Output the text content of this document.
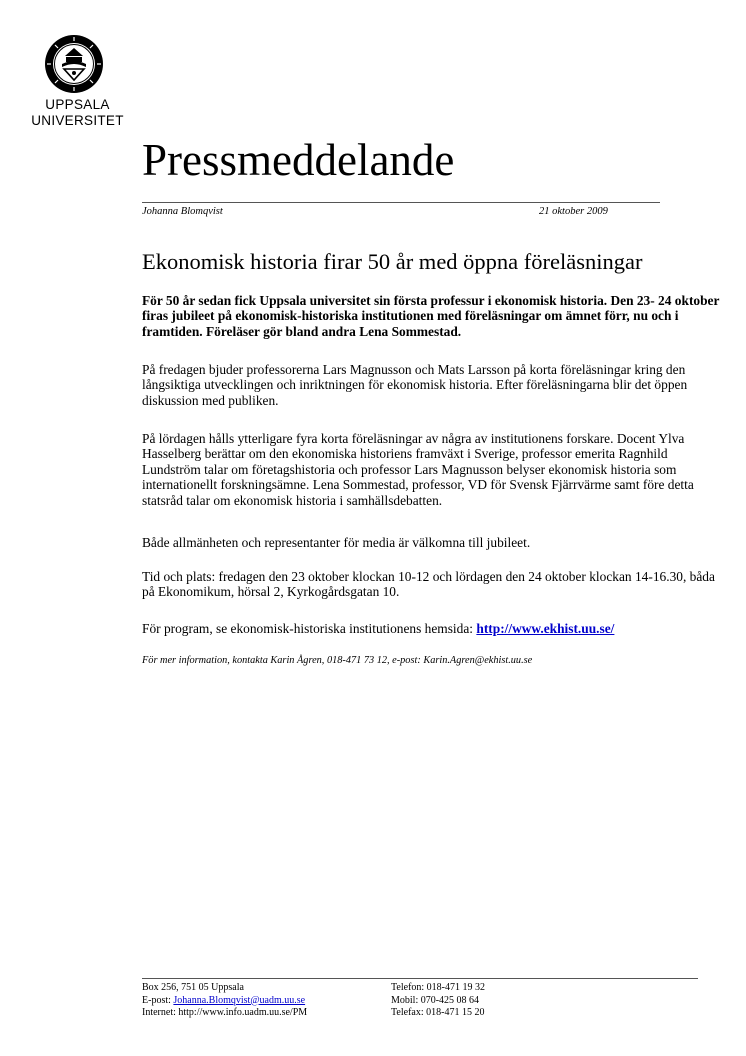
UPPSALA UNIVERSITET
Pressmeddelande
Johanna Blomqvist	21 oktober 2009
Ekonomisk historia firar 50 år med öppna föreläsningar

För 50 år sedan fick Uppsala universitet sin första professur i ekonomisk historia. Den 23- 24 oktober firas jubileet på ekonomisk-historiska institutionen med föreläsningar om ämnet förr, nu och i framtiden. Föreläser gör bland andra Lena Sommestad.

På fredagen bjuder professorerna Lars Magnusson och Mats Larsson på korta föreläsningar kring den långsiktiga utvecklingen och inriktningen för ekonomisk historia. Efter föreläsningarna blir det öppen diskussion med publiken.

På lördagen hålls ytterligare fyra korta föreläsningar av några av institutionens forskare. Docent Ylva Hasselberg berättar om den ekonomiska historiens framväxt i Sverige, professor emerita Ragnhild Lundström talar om företagshistoria och professor Lars Magnusson belyser ekonomisk historia som internationellt forskningsämne. Lena Sommestad, professor, VD för Svensk Fjärrvärme samt före detta statsråd talar om ekonomisk historia i samhällsdebatten.

Både allmänheten och representanter för media är välkomna till jubileet.

Tid och plats: fredagen den 23 oktober klockan 10-12 och lördagen den 24 oktober klockan 14-16.30, båda på Ekonomikum, hörsal 2, Kyrkogårdsgatan 10.

För program, se ekonomisk-historiska institutionens hemsida: http://www.ekhist.uu.se/

För mer information, kontakta Karin Ågren, 018-471 73 12, e-post: Karin.Agren@ekhist.uu.se
Box 256, 751 05 Uppsala
E-post: Johanna.Blomqvist@uadm.uu.se
Internet: http://www.info.uadm.uu.se/PM
Telefon: 018-471 19 32
Mobil: 070-425 08 64
Telefax: 018-471 15 20
